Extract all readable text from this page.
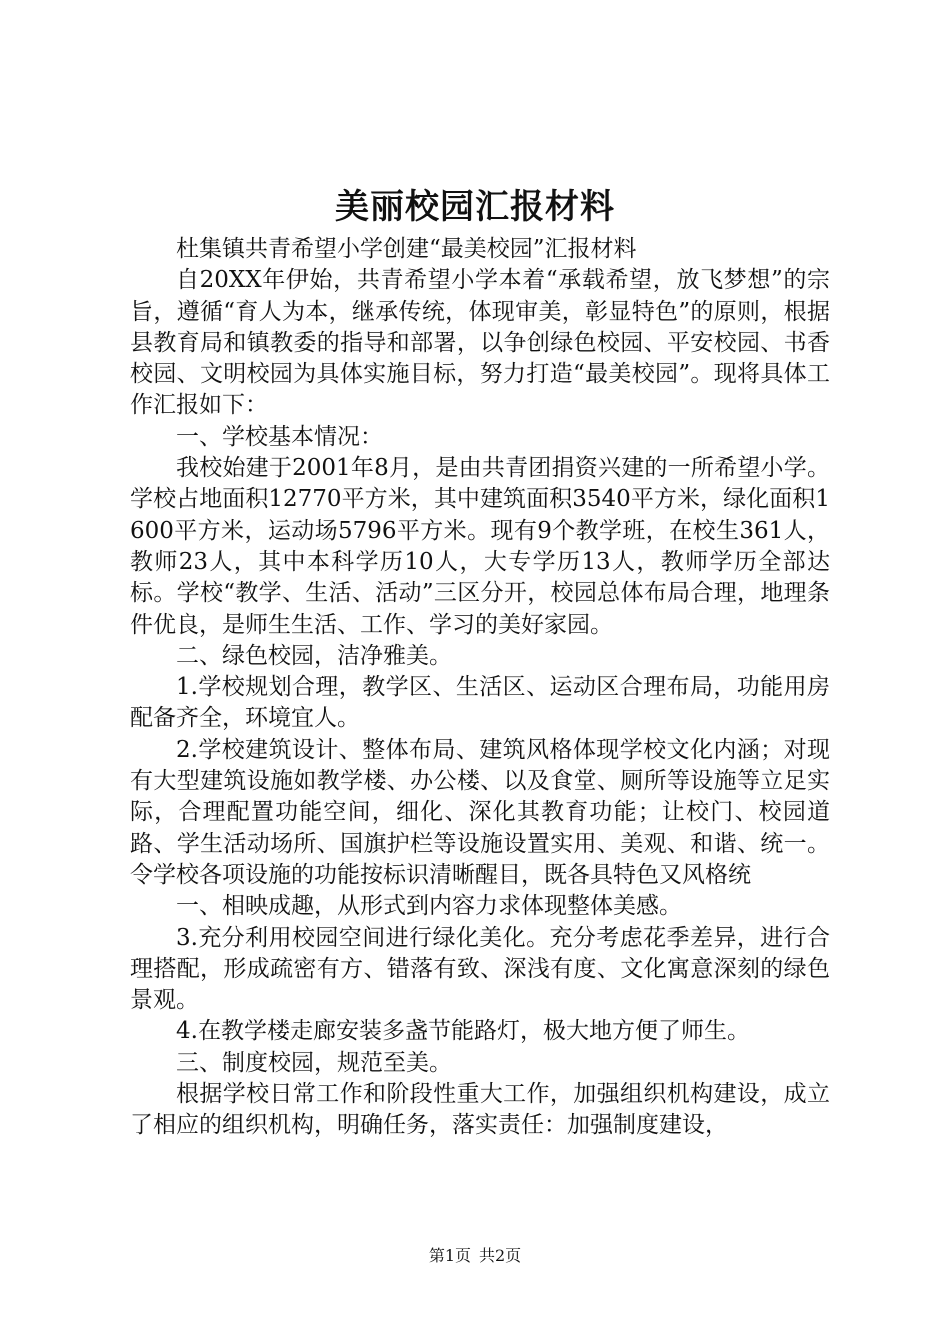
美丽校园汇报材料

杜集镇共青希望小学创建“最美校园”汇报材料

自20XX年伊始，共青希望小学本着“承载希望，放飞梦想”的宗旨，遵循“育人为本，继承传统，体现审美，彰显特色”的原则，根据县教育局和镇教委的指导和部署，以争创绿色校园、平安校园、书香校园、文明校园为具体实施目标，努力打造“最美校园”。现将具体工作汇报如下：

一、学校基本情况：

我校始建于2001年8月，是由共青团捐资兴建的一所希望小学。学校占地面积12770平方米，其中建筑面积3540平方米，绿化面积1600平方米，运动场5796平方米。现有9个教学班，在校生361人，教师23人，其中本科学历10人，大专学历13人，教师学历全部达标。学校“教学、生活、活动”三区分开，校园总体布局合理，地理条件优良，是师生生活、工作、学习的美好家园。

二、绿色校园，洁净雅美。

1.学校规划合理，教学区、生活区、运动区合理布局，功能用房配备齐全，环境宜人。

2.学校建筑设计、整体布局、建筑风格体现学校文化内涵；对现有大型建筑设施如教学楼、办公楼、以及食堂、厕所等设施等立足实际，合理配置功能空间，细化、深化其教育功能；让校门、校园道路、学生活动场所、国旗护栏等设施设置实用、美观、和谐、统一。令学校各项设施的功能按标识清晰醒目，既各具特色又风格统

一、相映成趣，从形式到内容力求体现整体美感。

3.充分利用校园空间进行绿化美化。充分考虑花季差异，进行合理搭配，形成疏密有方、错落有致、深浅有度、文化寓意深刻的绿色景观。

4.在教学楼走廊安装多盏节能路灯，极大地方便了师生。

三、制度校园，规范至美。

根据学校日常工作和阶段性重大工作，加强组织机构建设，成立了相应的组织机构，明确任务，落实责任：加强制度建设，

第1页 共2页
